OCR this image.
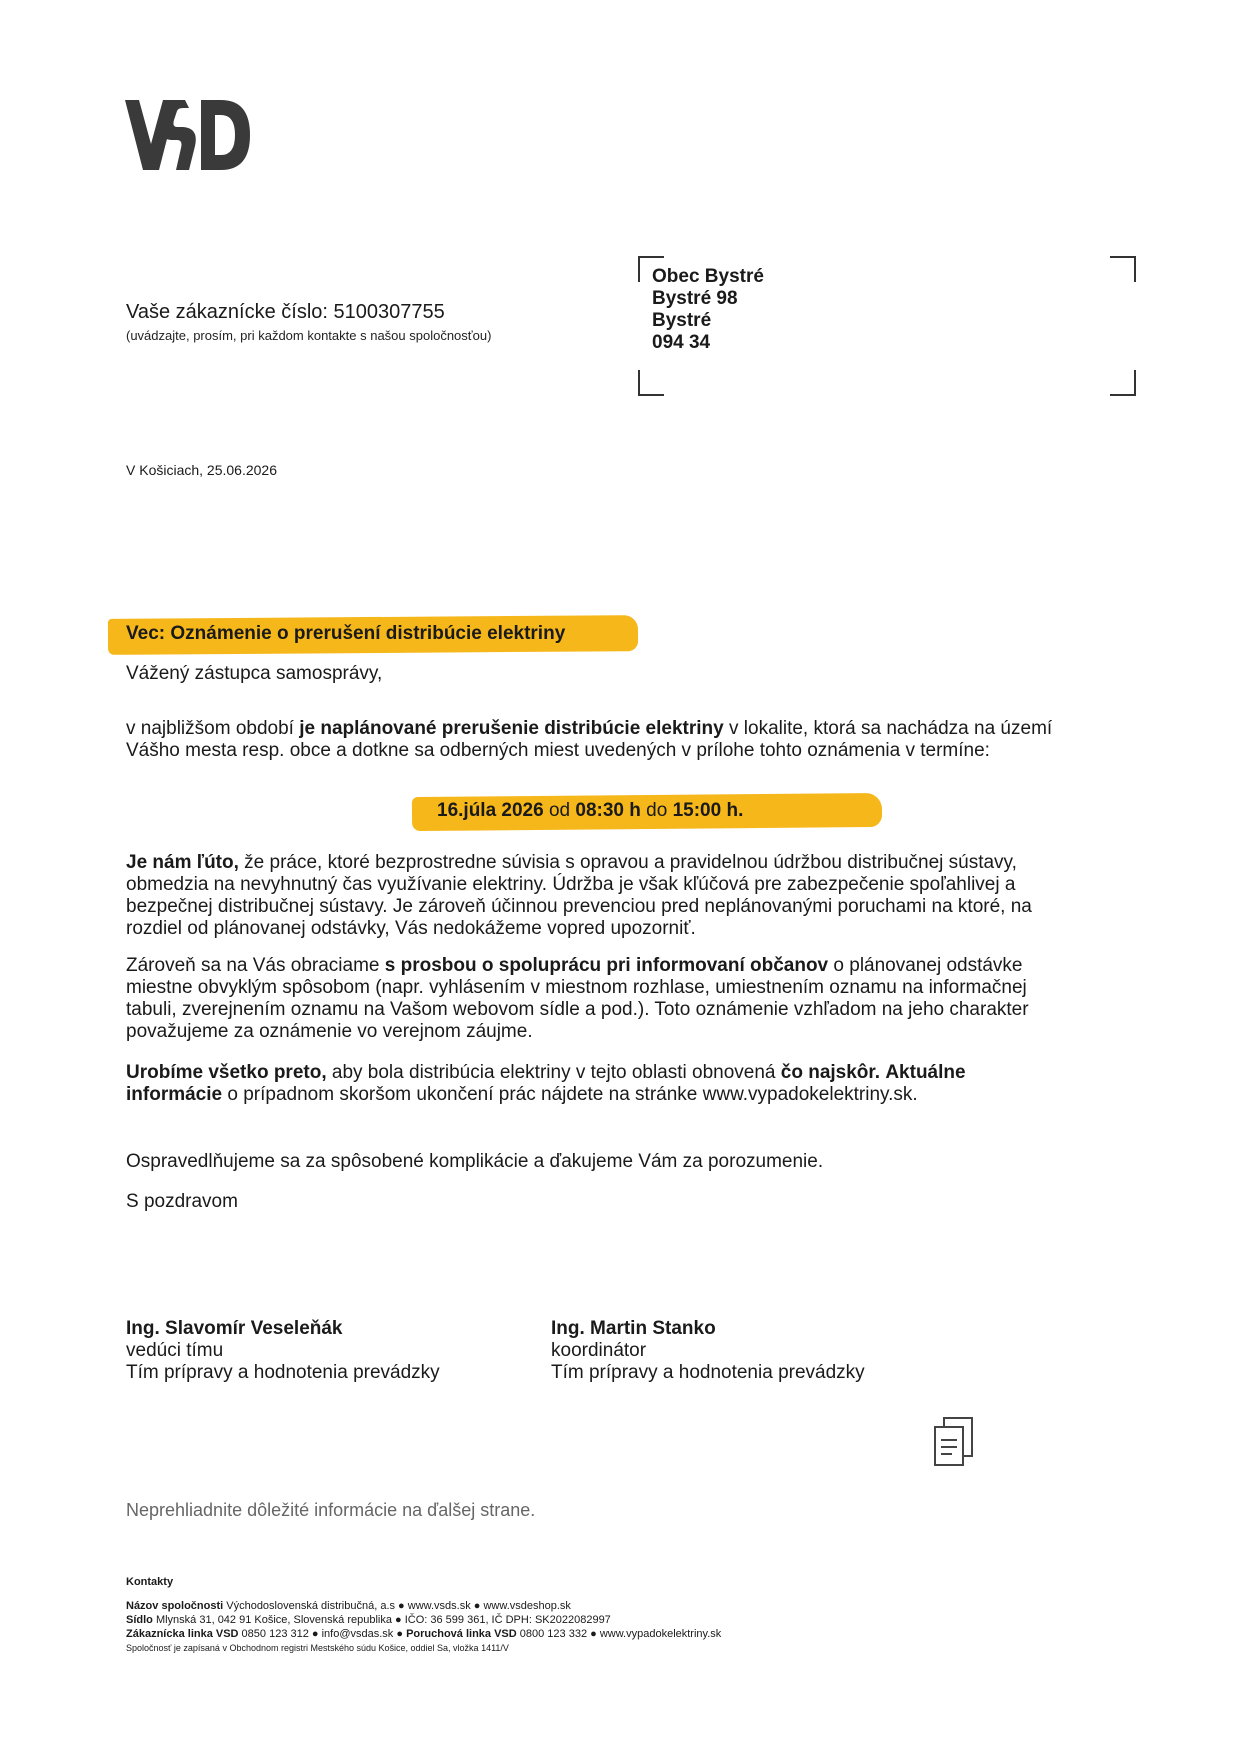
Vaše zákaznícke číslo: 5100307755
(uvádzajte, prosím, pri každom kontakte s našou spoločnosťou)
Obec Bystré
Bystré 98
Bystré
094 34
V Košiciach, 25.06.2026
Vec: Oznámenie o prerušení distribúcie elektriny
Vážený zástupca samosprávy,
v najbližšom období je naplánované prerušenie distribúcie elektriny v lokalite, ktorá sa nachádza na území Vášho mesta resp. obce a dotkne sa odberných miest uvedených v prílohe tohto oznámenia v termíne:
16.júla 2026 od 08:30 h do 15:00 h.
Je nám ľúto, že práce, ktoré bezprostredne súvisia s opravou a pravidelnou údržbou distribučnej sústavy, obmedzia na nevyhnutný čas využívanie elektriny. Údržba je však kľúčová pre zabezpečenie spoľahlivej a bezpečnej distribučnej sústavy. Je zároveň účinnou prevenciou pred neplánovanými poruchami na ktoré, na rozdiel od plánovanej odstávky, Vás nedokážeme vopred upozorniť.
Zároveň sa na Vás obraciame s prosbou o spoluprácu pri informovaní občanov o plánovanej odstávke miestne obvyklým spôsobom (napr. vyhlásením v miestnom rozhlase, umiestnením oznamu na informačnej tabuli, zverejnením oznamu na Vašom webovom sídle a pod.). Toto oznámenie vzhľadom na jeho charakter považujeme za oznámenie vo verejnom záujme.
Urobíme všetko preto, aby bola distribúcia elektriny v tejto oblasti obnovená čo najskôr. Aktuálne informácie o prípadnom skoršom ukončení prác nájdete na stránke www.vypadokelektriny.sk.
Ospravedlňujeme sa za spôsobené komplikácie a ďakujeme Vám za porozumenie.
S pozdravom
Ing. Slavomír Veseleňák
vedúci tímu
Tím prípravy a hodnotenia prevádzky
Ing. Martin Stanko
koordinátor
Tím prípravy a hodnotenia prevádzky
Neprehliadnite dôležité informácie na ďalšej strane.
Kontakty
Názov spoločnosti Východoslovenská distribučná, a.s ● www.vsds.sk ● www.vsdeshop.sk
Sídlo Mlynská 31, 042 91 Košice, Slovenská republika ● IČO: 36 599 361, IČ DPH: SK2022082997
Zákaznícka linka VSD 0850 123 312 ● info@vsdas.sk ● Poruchová linka VSD 0800 123 332 ● www.vypadokelektriny.sk
Spoločnosť je zapísaná v Obchodnom registri Mestského súdu Košice, oddiel Sa, vložka 1411/V
